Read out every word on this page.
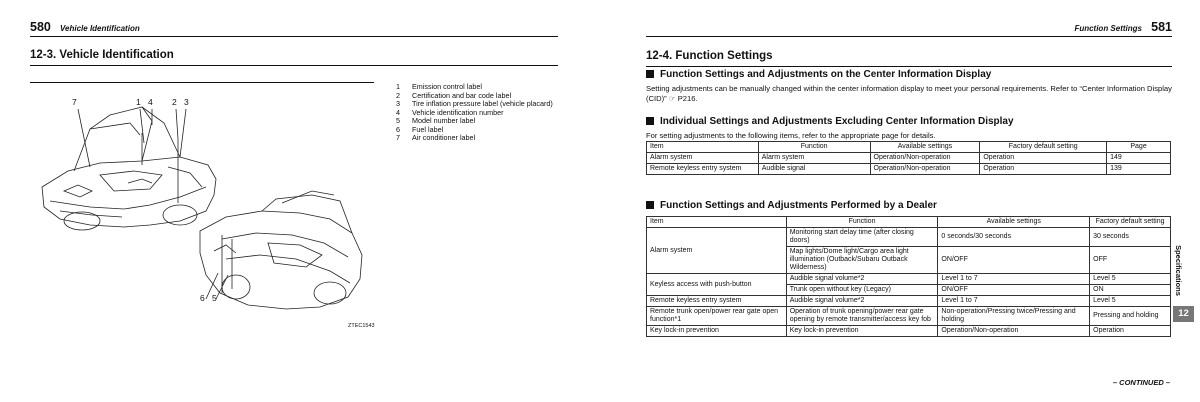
580 Vehicle Identification
12-3. Vehicle Identification
7	1 4 2 3
6 5
ZTEC1543
1	Emission control label
2	Certification and bar code label
3	Tire inflation pressure label (vehicle placard)
4	Vehicle identification number
5	Model number label
6	Fuel label
7	Air conditioner label
Function Settings 581
12-4. Function Settings
Function Settings and Adjustments on the Center Information Display
Setting adjustments can be manually changed within the center information display to meet your personal requirements. Refer to “Center Information Display (CID)” ☞ P216.
Individual Settings and Adjustments Excluding Center Information Display
For setting adjustments to the following items, refer to the appropriate page for details.
Item	Function	Available settings	Factory default setting	Page
Alarm system	Alarm system	Operation/Non-operation	Operation	149
Remote keyless entry system	Audible signal	Operation/Non-operation	Operation	139
Function Settings and Adjustments Performed by a Dealer
Item	Function	Available settings	Factory default setting
Alarm system	Monitoring start delay time (after closing doors)	0 seconds/30 seconds	30 seconds
	Map lights/Dome light/Cargo area light illumination (Outback/Subaru Outback Wilderness)	ON/OFF	OFF
Keyless access with push-button	Audible signal volume*2	Level 1 to 7	Level 5
	Trunk open without key (Legacy)	ON/OFF	ON
Remote keyless entry system	Audible signal volume*2	Level 1 to 7	Level 5
Remote trunk open/power rear gate open function*1	Operation of trunk opening/power rear gate opening by remote transmitter/access key fob	Non-operation/Pressing twice/Pressing and holding	Pressing and holding
Key lock-in prevention	Key lock-in prevention	Operation/Non-operation	Operation
Specifications
12
– CONTINUED –
